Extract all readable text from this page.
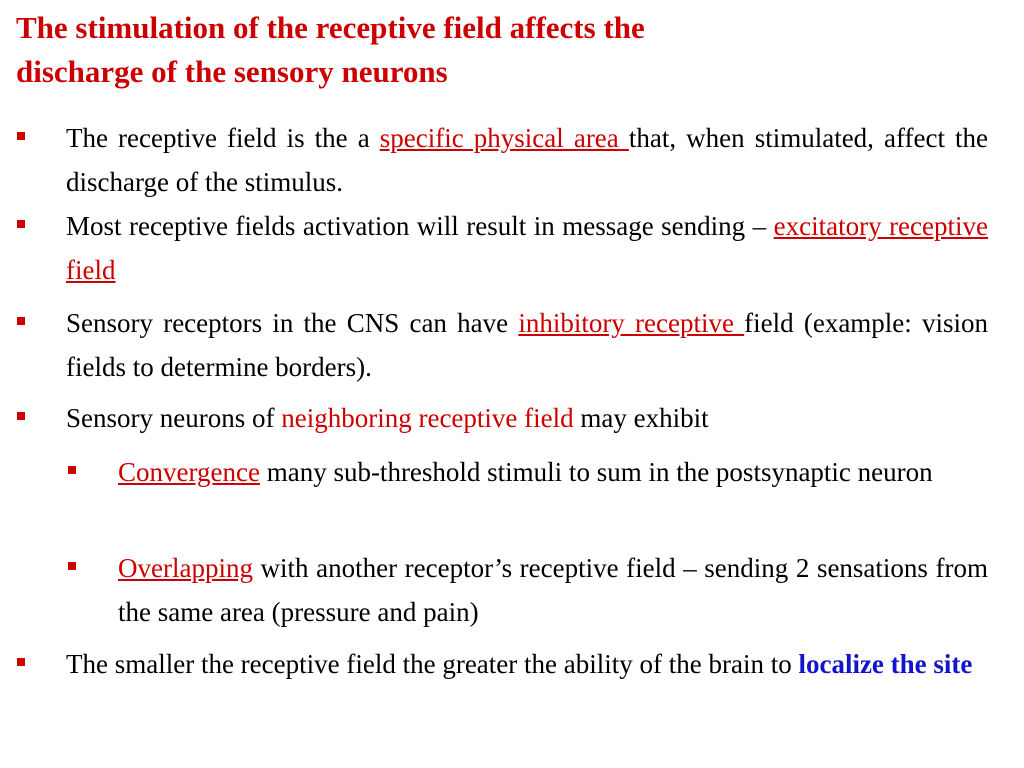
The stimulation of the receptive field affects the
discharge of the sensory neurons
The receptive field is the a specific physical area that, when stimulated, affect the discharge of the stimulus.
Most receptive fields activation will result in message sending – excitatory receptive field
Sensory receptors in the CNS can have inhibitory receptive field (example: vision fields to determine borders).
Sensory neurons of neighboring receptive field may exhibit
Convergence many sub-threshold stimuli to sum in the postsynaptic neuron
Overlapping with another receptor’s receptive field – sending 2 sensations from the same area (pressure and pain)
The smaller the receptive field the greater the ability of the brain to localize the site
